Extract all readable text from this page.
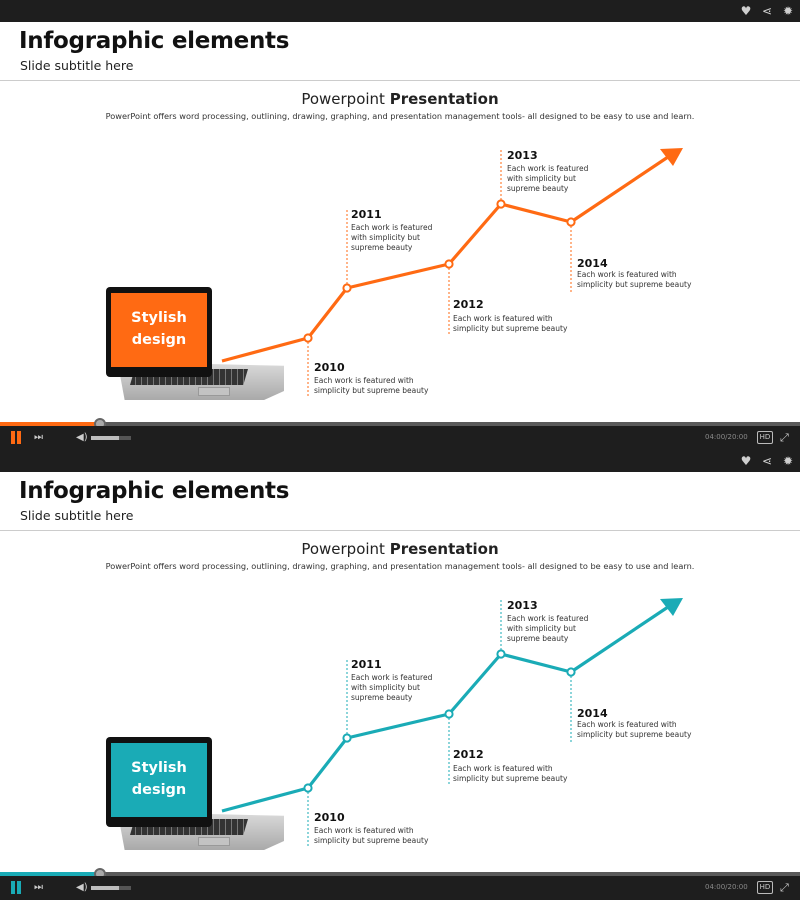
♥ ⋖ ✹
Infographic elements
Slide subtitle here
Powerpoint Presentation
PowerPoint offers word processing, outlining, drawing, graphing, and presentation management tools- all designed to be easy to use and learn.
Stylish
design
2010
Each work is featured with simplicity but supreme beauty
2011
Each work is featured with simplicity but supreme beauty
2012
Each work is featured with simplicity but supreme beauty
2013
Each work is featured with simplicity but supreme beauty
2014
Each work is featured with simplicity but supreme beauty
⏭	◀)	04:00/20:00	HD ⤢
♥ ⋖ ✹
Infographic elements
Slide subtitle here
Powerpoint Presentation
PowerPoint offers word processing, outlining, drawing, graphing, and presentation management tools- all designed to be easy to use and learn.
Stylish
design
2010
Each work is featured with simplicity but supreme beauty
2011
Each work is featured with simplicity but supreme beauty
2012
Each work is featured with simplicity but supreme beauty
2013
Each work is featured with simplicity but supreme beauty
2014
Each work is featured with simplicity but supreme beauty
⏭	◀)	04:00/20:00	HD ⤢
